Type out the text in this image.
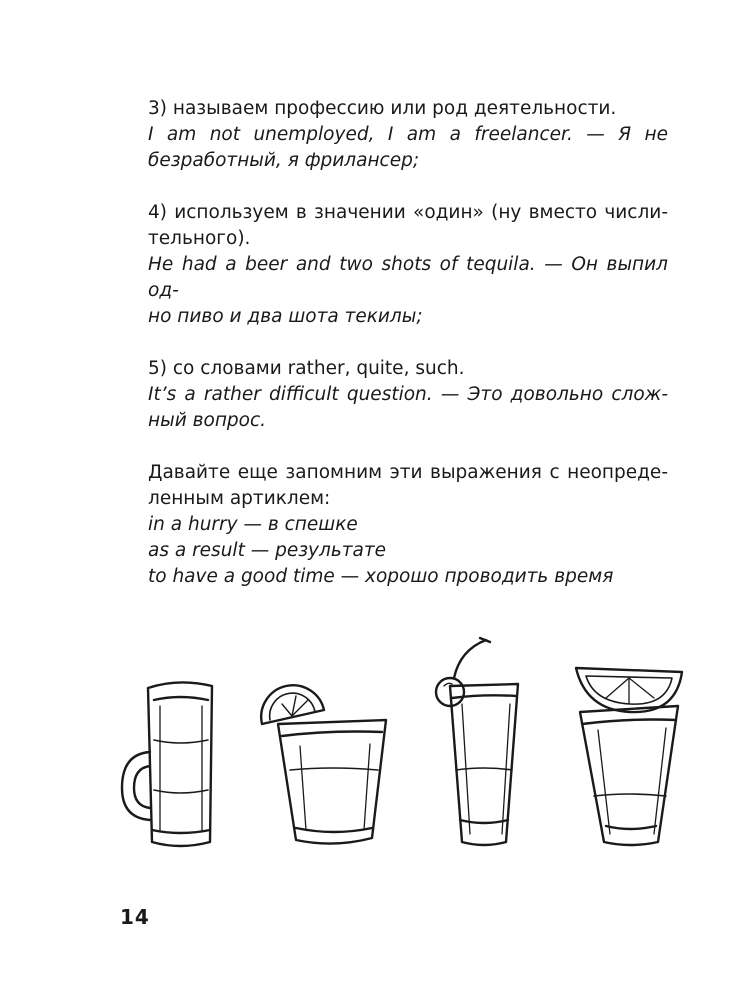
3) называем профессию или род деятельности.

I am not unemployed, I am a freelancer. — Я не

безработный, я фрилансер;

4) используем в значении «один» (ну вместо числи-

тельного).

He had a beer and two shots of tequila. — Он выпил од-

но пиво и два шота текилы;

5) со словами rather, quite, such.

It’s a rather difficult question. — Это довольно слож-

ный вопрос.

Давайте еще запомним эти выражения с неопреде-

ленным артиклем:

in a hurry — в спешке

as a result — результате

to have a good time — хорошо проводить время

14
